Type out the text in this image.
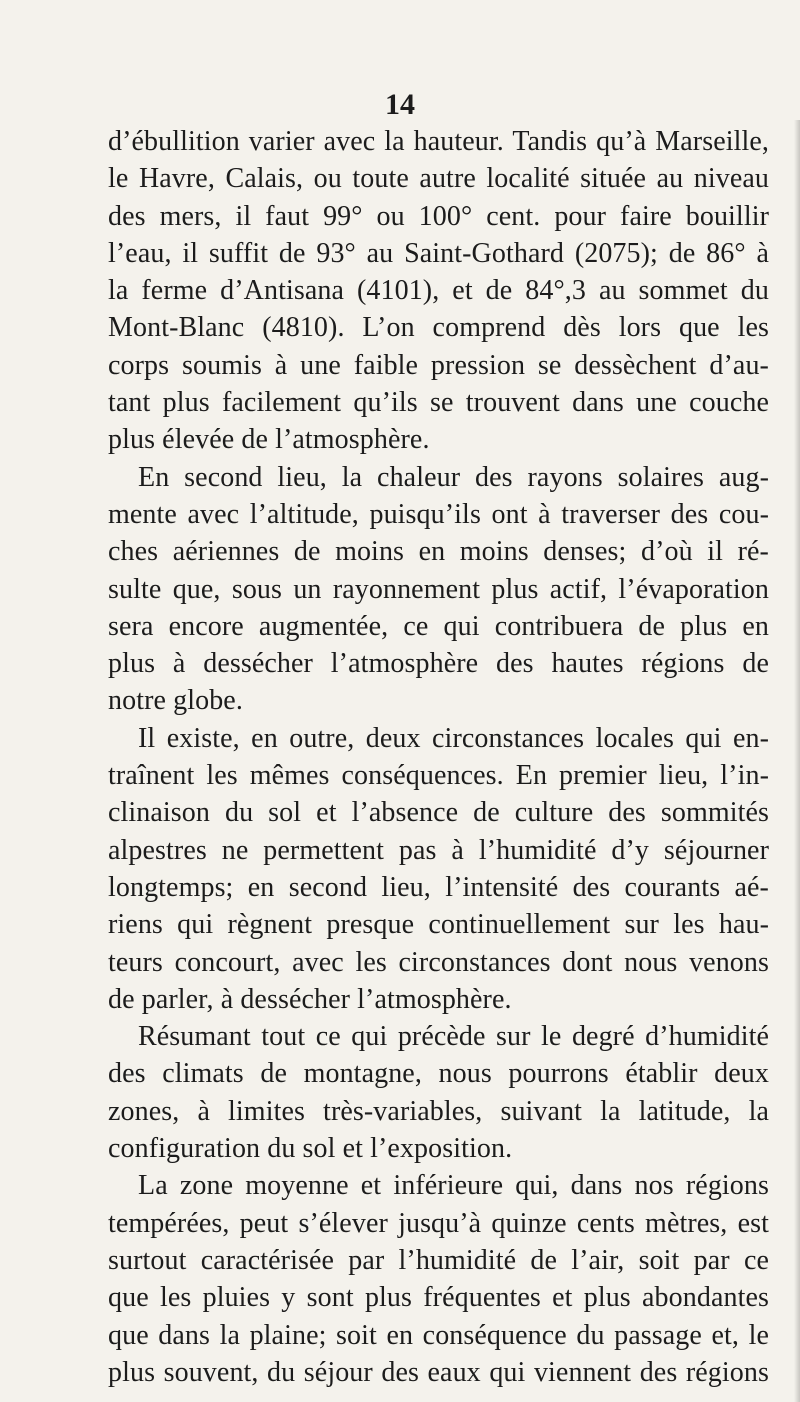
14
d’ébullition varier avec la hauteur. Tandis qu’à Marseille,
le Havre, Calais, ou toute autre localité située au niveau
des mers, il faut 99° ou 100° cent. pour faire bouillir
l’eau, il suffit de 93° au Saint-Gothard (2075); de 86° à
la ferme d’Antisana (4101), et de 84°,3 au sommet du
Mont-Blanc (4810). L’on comprend dès lors que les
corps soumis à une faible pression se dessèchent d’au-
tant plus facilement qu’ils se trouvent dans une couche
plus élevée de l’atmosphère.
En second lieu, la chaleur des rayons solaires aug-
mente avec l’altitude, puisqu’ils ont à traverser des cou-
ches aériennes de moins en moins denses; d’où il ré-
sulte que, sous un rayonnement plus actif, l’évaporation
sera encore augmentée, ce qui contribuera de plus en
plus à dessécher l’atmosphère des hautes régions de
notre globe.
Il existe, en outre, deux circonstances locales qui en-
traînent les mêmes conséquences. En premier lieu, l’in-
clinaison du sol et l’absence de culture des sommités
alpestres ne permettent pas à l’humidité d’y séjourner
longtemps; en second lieu, l’intensité des courants aé-
riens qui règnent presque continuellement sur les hau-
teurs concourt, avec les circonstances dont nous venons
de parler, à dessécher l’atmosphère.
Résumant tout ce qui précède sur le degré d’humidité
des climats de montagne, nous pourrons établir deux
zones, à limites très-variables, suivant la latitude, la
configuration du sol et l’exposition.
La zone moyenne et inférieure qui, dans nos régions
tempérées, peut s’élever jusqu’à quinze cents mètres, est
surtout caractérisée par l’humidité de l’air, soit par ce
que les pluies y sont plus fréquentes et plus abondantes
que dans la plaine; soit en conséquence du passage et, le
plus souvent, du séjour des eaux qui viennent des régions
